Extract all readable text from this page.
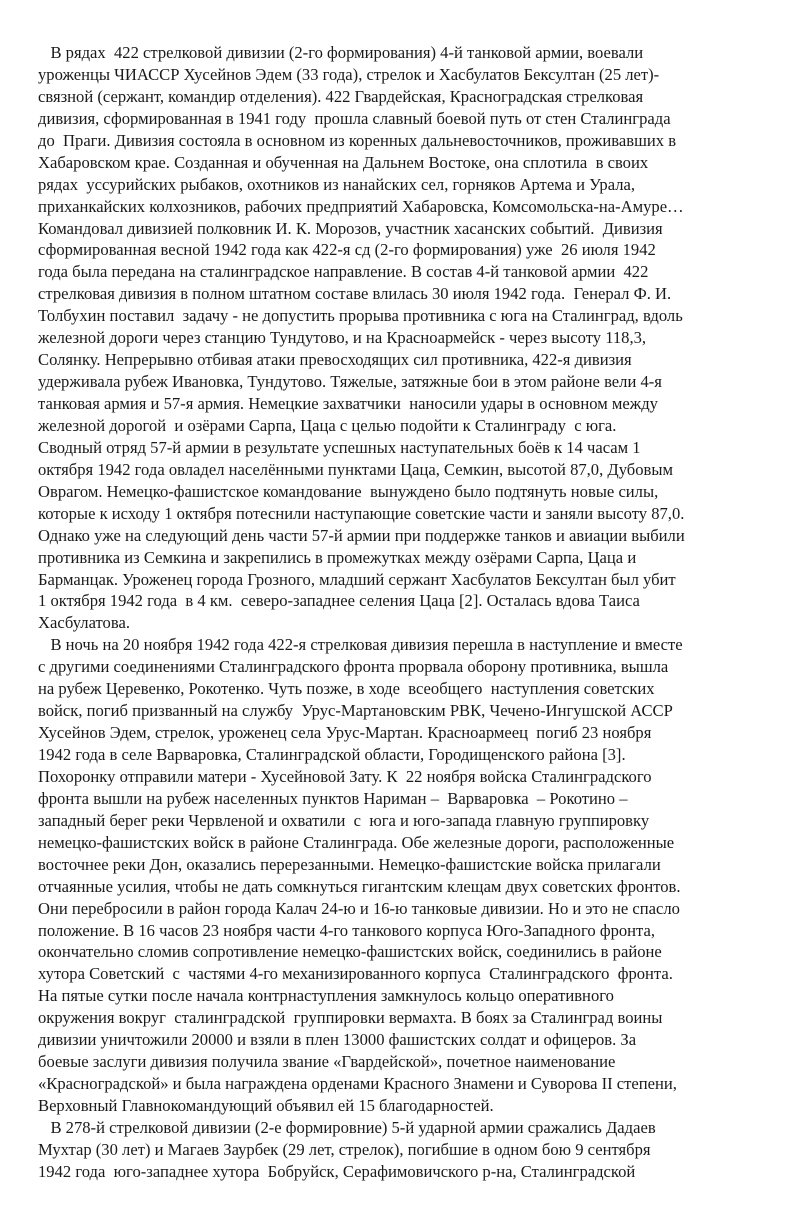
В рядах  422 стрелковой дивизии (2-го формирования) 4-й танковой армии, воевали
уроженцы ЧИАССР Хусейнов Эдем (33 года), стрелок и Хасбулатов Бексултан (25 лет)-
связной (сержант, командир отделения). 422 Гвардейская, Красноградская стрелковая
дивизия, сформированная в 1941 году  прошла славный боевой путь от стен Сталинграда
до  Праги. Дивизия состояла в основном из коренных дальневосточников, проживавших в
Хабаровском крае. Созданная и обученная на Дальнем Востоке, она сплотила  в своих
рядах  уссурийских рыбаков, охотников из нанайских сел, горняков Артема и Урала,
приханкайских колхозников, рабочих предприятий Хабаровска, Комсомольска-на-Амуре…
Командовал дивизией полковник И. К. Морозов, участник хасанских событий.  Дивизия
сформированная весной 1942 года как 422-я сд (2-го формирования) уже  26 июля 1942
года была передана на сталинградское направление. В состав 4-й танковой армии  422
стрелковая дивизия в полном штатном составе влилась 30 июля 1942 года.  Генерал Ф. И.
Толбухин поставил  задачу - не допустить прорыва противника с юга на Сталинград, вдоль
железной дороги через станцию Тундутово, и на Красноармейск - через высоту 118,3,
Солянку. Непрерывно отбивая атаки превосходящих сил противника, 422-я дивизия
удерживала рубеж Ивановка, Тундутово. Тяжелые, затяжные бои в этом районе вели 4-я
танковая армия и 57-я армия. Немецкие захватчики  наносили удары в основном между
железной дорогой  и озёрами Сарпа, Цаца с целью подойти к Сталинграду  с юга.
Сводный отряд 57-й армии в результате успешных наступательных боёв к 14 часам 1
октября 1942 года овладел населёнными пунктами Цаца, Семкин, высотой 87,0, Дубовым
Оврагом. Немецко-фашистское командование  вынуждено было подтянуть новые силы,
которые к исходу 1 октября потеснили наступающие советские части и заняли высоту 87,0.
Однако уже на следующий день части 57-й армии при поддержке танков и авиации выбили
противника из Семкина и закрепились в промежутках между озёрами Сарпа, Цаца и
Барманцак. Уроженец города Грозного, младший сержант Хасбулатов Бексултан был убит
1 октября 1942 года  в 4 км.  северо-западнее селения Цаца [2]. Осталась вдова Таиса
Хасбулатова.
В ночь на 20 ноября 1942 года 422-я стрелковая дивизия перешла в наступление и вместе
с другими соединениями Сталинградского фронта прорвала оборону противника, вышла
на рубеж Церевенко, Рокотенко. Чуть позже, в ходе  всеобщего  наступления советских
войск, погиб призванный на службу  Урус-Мартановским РВК, Чечено-Ингушской АССР
Хусейнов Эдем, стрелок, уроженец села Урус-Мартан. Красноармеец  погиб 23 ноября
1942 года в селе Варваровка, Сталинградской области, Городищенского района [3].
Похоронку отправили матери - Хусейновой Зату. К  22 ноября войска Сталинградского
фронта вышли на рубеж населенных пунктов Нариман –  Варваровка  – Рокотино –
западный берег реки Червленой и охватили  с  юга и юго-запада главную группировку
немецко-фашистских войск в районе Сталинграда. Обе железные дороги, расположенные
восточнее реки Дон, оказались перерезанными. Немецко-фашистские войска прилагали
отчаянные усилия, чтобы не дать сомкнуться гигантским клещам двух советских фронтов.
Они перебросили в район города Калач 24-ю и 16-ю танковые дивизии. Но и это не спасло
положение. В 16 часов 23 ноября части 4-го танкового корпуса Юго-Западного фронта,
окончательно сломив сопротивление немецко-фашистских войск, соединились в районе
хутора Советский  с  частями 4-го механизированного корпуса  Сталинградского  фронта.
На пятые сутки после начала контрнаступления замкнулось кольцо оперативного
окружения вокруг  сталинградской  группировки вермахта. В боях за Сталинград воины
дивизии уничтожили 20000 и взяли в плен 13000 фашистских солдат и офицеров. За
боевые заслуги дивизия получила звание «Гвардейской», почетное наименование
«Красноградской» и была награждена орденами Красного Знамени и Суворова II степени,
Верховный Главнокомандующий объявил ей 15 благодарностей.
В 278-й стрелковой дивизии (2-е формировние) 5-й ударной армии сражались Дадаев
Мухтар (30 лет) и Магаев Заурбек (29 лет, стрелок), погибшие в одном бою 9 сентября
1942 года  юго-западнее хутора  Бобруйск, Серафимовичского р-на, Сталинградской
